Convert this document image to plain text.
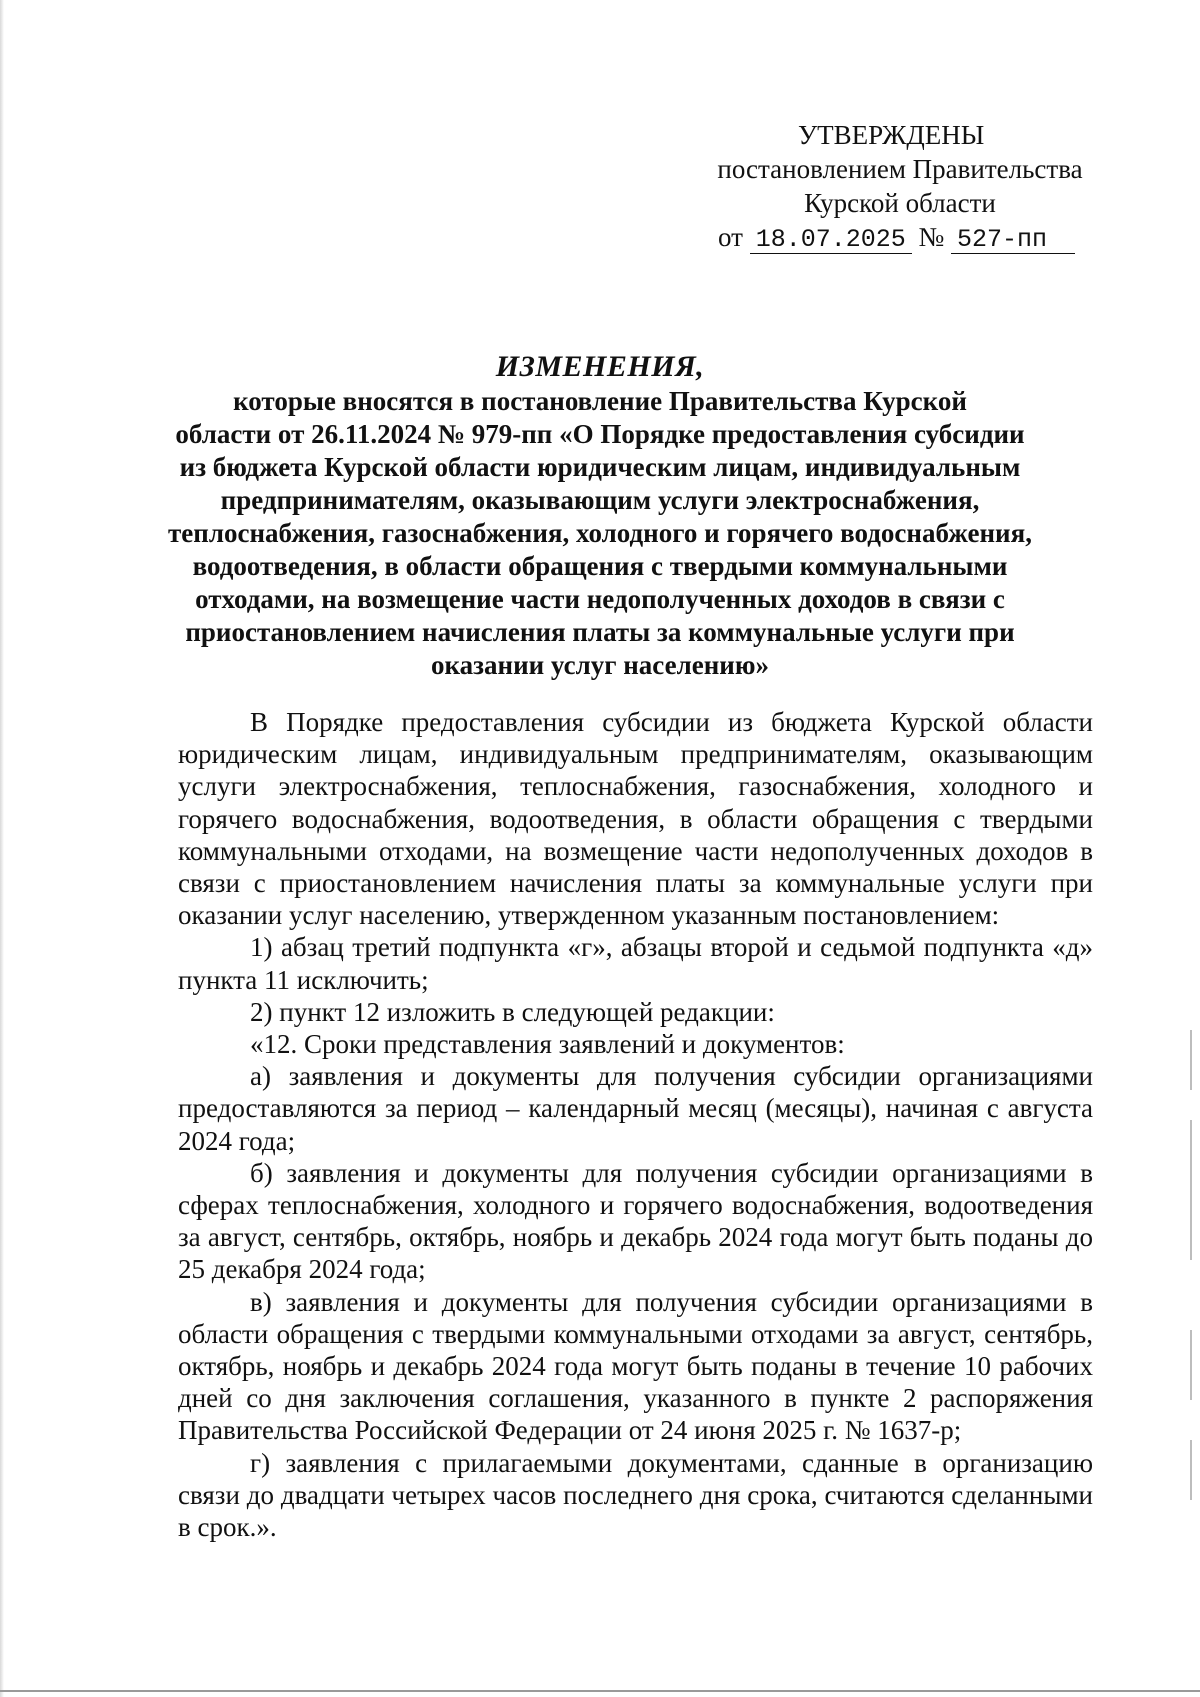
УТВЕРЖДЕНЫ
постановлением Правительства
Курской области
от 18.07.2025 № 527-пп
ИЗМЕНЕНИЯ,
которые вносятся в постановление Правительства Курской
области от 26.11.2024 № 979-пп «О Порядке предоставления субсидии
из бюджета Курской области юридическим лицам, индивидуальным
предпринимателям, оказывающим услуги электроснабжения,
теплоснабжения, газоснабжения, холодного и горячего водоснабжения,
водоотведения, в области обращения с твердыми коммунальными
отходами, на возмещение части недополученных доходов в связи с
приостановлением начисления платы за коммунальные услуги при
оказании услуг населению»

В Порядке предоставления субсидии из бюджета Курской области юридическим лицам, индивидуальным предпринимателям, оказывающим услуги электроснабжения, теплоснабжения, газоснабжения, холодного и горячего водоснабжения, водоотведения, в области обращения с твердыми коммунальными отходами, на возмещение части недополученных доходов в связи с приостановлением начисления платы за коммунальные услуги при оказании услуг населению, утвержденном указанным постановлением:

1) абзац третий подпункта «г», абзацы второй и седьмой подпункта «д» пункта 11 исключить;

2) пункт 12 изложить в следующей редакции:

«12. Сроки представления заявлений и документов:

а) заявления и документы для получения субсидии организациями предоставляются за период – календарный месяц (месяцы), начиная с августа 2024 года;

б) заявления и документы для получения субсидии организациями в сферах теплоснабжения, холодного и горячего водоснабжения, водоотведения за август, сентябрь, октябрь, ноябрь и декабрь 2024 года могут быть поданы до 25 декабря 2024 года;

в) заявления и документы для получения субсидии организациями в области обращения с твердыми коммунальными отходами за август, сентябрь, октябрь, ноябрь и декабрь 2024 года могут быть поданы в течение 10 рабочих дней со дня заключения соглашения, указанного в пункте 2 распоряжения Правительства Российской Федерации от 24 июня 2025 г. № 1637-р;

г) заявления с прилагаемыми документами, сданные в организацию связи до двадцати четырех часов последнего дня срока, считаются сделанными в срок.».
